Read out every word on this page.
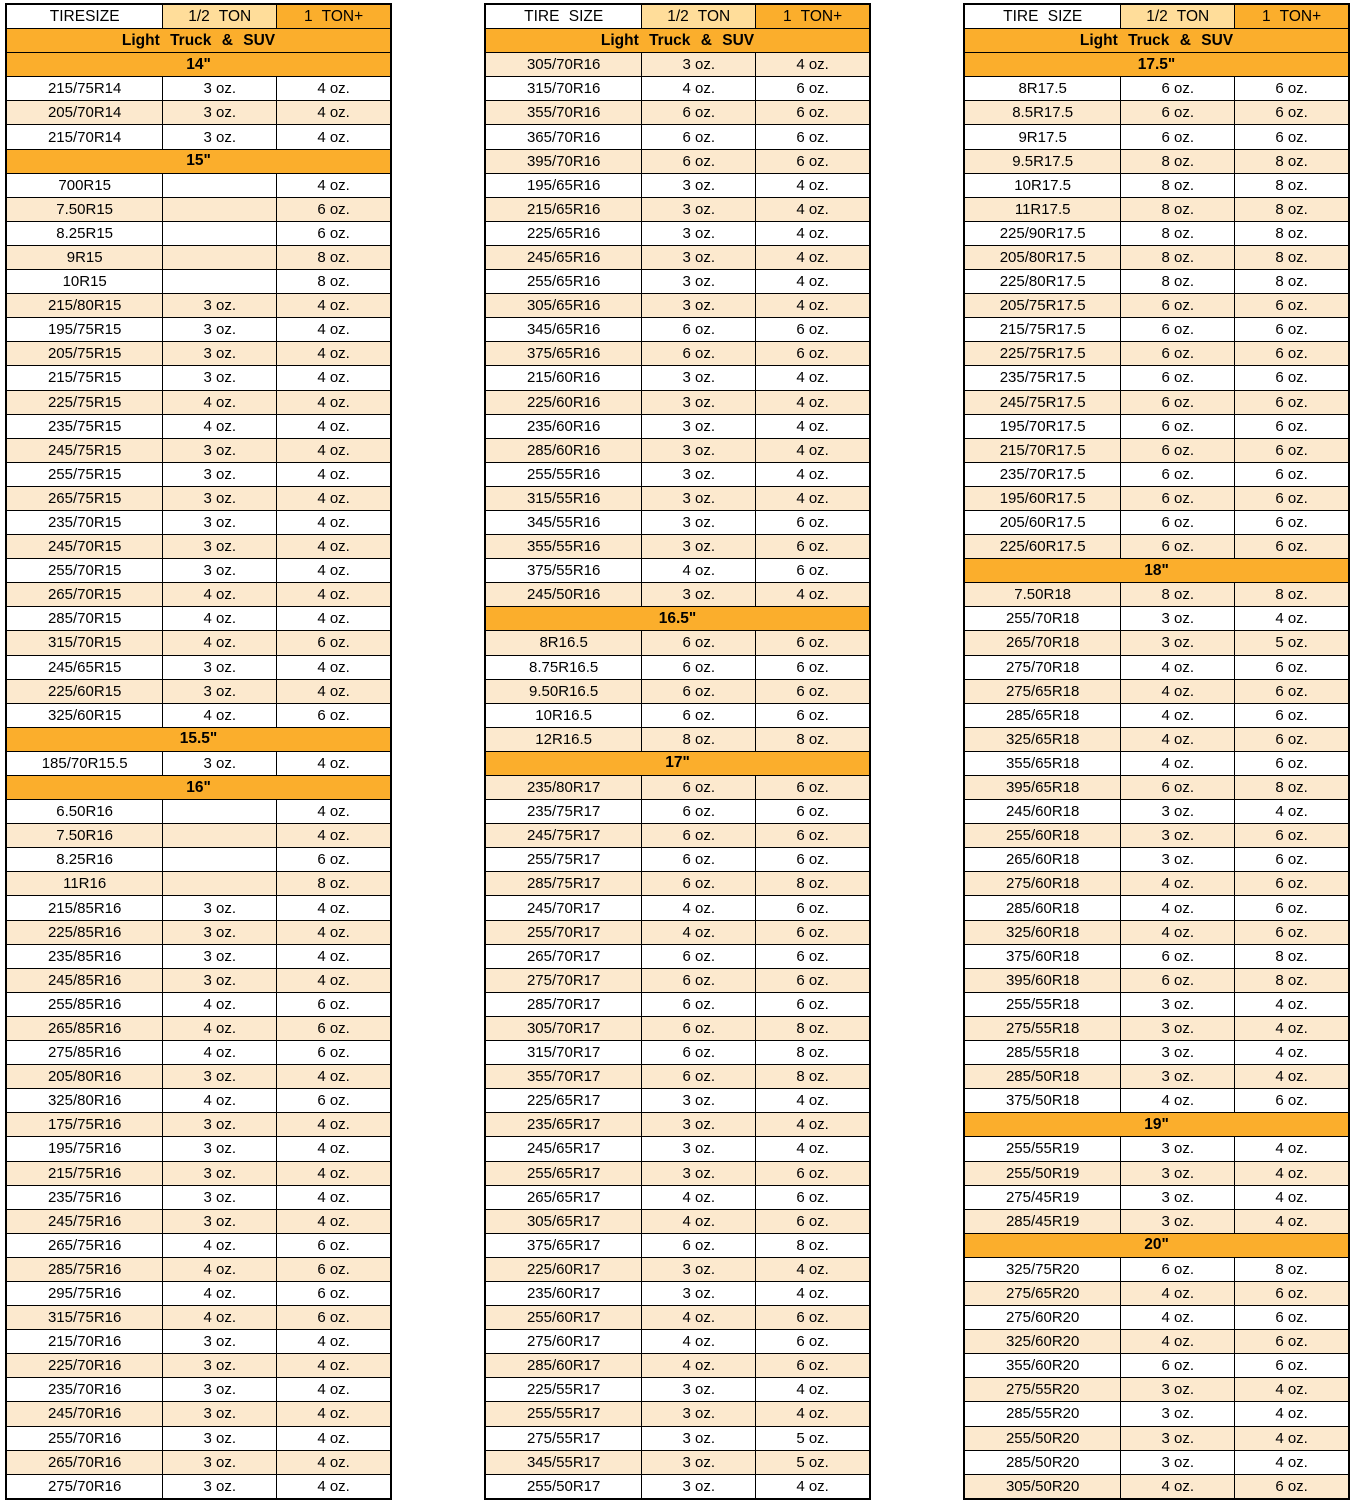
TIRESIZE	1/2 TON	1 TON+
Light Truck & SUV		
14"		
215/75R14	3 oz.	4 oz.
205/70R14	3 oz.	4 oz.
215/70R14	3 oz.	4 oz.
15"		
700R15		4 oz.
7.50R15		6 oz.
8.25R15		6 oz.
9R15		8 oz.
10R15		8 oz.
215/80R15	3 oz.	4 oz.
195/75R15	3 oz.	4 oz.
205/75R15	3 oz.	4 oz.
215/75R15	3 oz.	4 oz.
225/75R15	4 oz.	4 oz.
235/75R15	4 oz.	4 oz.
245/75R15	3 oz.	4 oz.
255/75R15	3 oz.	4 oz.
265/75R15	3 oz.	4 oz.
235/70R15	3 oz.	4 oz.
245/70R15	3 oz.	4 oz.
255/70R15	3 oz.	4 oz.
265/70R15	4 oz.	4 oz.
285/70R15	4 oz.	4 oz.
315/70R15	4 oz.	6 oz.
245/65R15	3 oz.	4 oz.
225/60R15	3 oz.	4 oz.
325/60R15	4 oz.	6 oz.
15.5"		
185/70R15.5	3 oz.	4 oz.
16"		
6.50R16		4 oz.
7.50R16		4 oz.
8.25R16		6 oz.
11R16		8 oz.
215/85R16	3 oz.	4 oz.
225/85R16	3 oz.	4 oz.
235/85R16	3 oz.	4 oz.
245/85R16	3 oz.	4 oz.
255/85R16	4 oz.	6 oz.
265/85R16	4 oz.	6 oz.
275/85R16	4 oz.	6 oz.
205/80R16	3 oz.	4 oz.
325/80R16	4 oz.	6 oz.
175/75R16	3 oz.	4 oz.
195/75R16	3 oz.	4 oz.
215/75R16	3 oz.	4 oz.
235/75R16	3 oz.	4 oz.
245/75R16	3 oz.	4 oz.
265/75R16	4 oz.	6 oz.
285/75R16	4 oz.	6 oz.
295/75R16	4 oz.	6 oz.
315/75R16	4 oz.	6 oz.
215/70R16	3 oz.	4 oz.
225/70R16	3 oz.	4 oz.
235/70R16	3 oz.	4 oz.
245/70R16	3 oz.	4 oz.
255/70R16	3 oz.	4 oz.
265/70R16	3 oz.	4 oz.
275/70R16	3 oz.	4 oz.
TIRE SIZE	1/2 TON	1 TON+
Light Truck & SUV		
305/70R16	3 oz.	4 oz.
315/70R16	4 oz.	6 oz.
355/70R16	6 oz.	6 oz.
365/70R16	6 oz.	6 oz.
395/70R16	6 oz.	6 oz.
195/65R16	3 oz.	4 oz.
215/65R16	3 oz.	4 oz.
225/65R16	3 oz.	4 oz.
245/65R16	3 oz.	4 oz.
255/65R16	3 oz.	4 oz.
305/65R16	3 oz.	4 oz.
345/65R16	6 oz.	6 oz.
375/65R16	6 oz.	6 oz.
215/60R16	3 oz.	4 oz.
225/60R16	3 oz.	4 oz.
235/60R16	3 oz.	4 oz.
285/60R16	3 oz.	4 oz.
255/55R16	3 oz.	4 oz.
315/55R16	3 oz.	4 oz.
345/55R16	3 oz.	6 oz.
355/55R16	3 oz.	6 oz.
375/55R16	4 oz.	6 oz.
245/50R16	3 oz.	4 oz.
16.5"		
8R16.5	6 oz.	6 oz.
8.75R16.5	6 oz.	6 oz.
9.50R16.5	6 oz.	6 oz.
10R16.5	6 oz.	6 oz.
12R16.5	8 oz.	8 oz.
17"		
235/80R17	6 oz.	6 oz.
235/75R17	6 oz.	6 oz.
245/75R17	6 oz.	6 oz.
255/75R17	6 oz.	6 oz.
285/75R17	6 oz.	8 oz.
245/70R17	4 oz.	6 oz.
255/70R17	4 oz.	6 oz.
265/70R17	6 oz.	6 oz.
275/70R17	6 oz.	6 oz.
285/70R17	6 oz.	6 oz.
305/70R17	6 oz.	8 oz.
315/70R17	6 oz.	8 oz.
355/70R17	6 oz.	8 oz.
225/65R17	3 oz.	4 oz.
235/65R17	3 oz.	4 oz.
245/65R17	3 oz.	4 oz.
255/65R17	3 oz.	6 oz.
265/65R17	4 oz.	6 oz.
305/65R17	4 oz.	6 oz.
375/65R17	6 oz.	8 oz.
225/60R17	3 oz.	4 oz.
235/60R17	3 oz.	4 oz.
255/60R17	4 oz.	6 oz.
275/60R17	4 oz.	6 oz.
285/60R17	4 oz.	6 oz.
225/55R17	3 oz.	4 oz.
255/55R17	3 oz.	4 oz.
275/55R17	3 oz.	5 oz.
345/55R17	3 oz.	5 oz.
255/50R17	3 oz.	4 oz.
TIRE SIZE	1/2 TON	1 TON+
Light Truck & SUV		
17.5"		
8R17.5	6 oz.	6 oz.
8.5R17.5	6 oz.	6 oz.
9R17.5	6 oz.	6 oz.
9.5R17.5	8 oz.	8 oz.
10R17.5	8 oz.	8 oz.
11R17.5	8 oz.	8 oz.
225/90R17.5	8 oz.	8 oz.
205/80R17.5	8 oz.	8 oz.
225/80R17.5	8 oz.	8 oz.
205/75R17.5	6 oz.	6 oz.
215/75R17.5	6 oz.	6 oz.
225/75R17.5	6 oz.	6 oz.
235/75R17.5	6 oz.	6 oz.
245/75R17.5	6 oz.	6 oz.
195/70R17.5	6 oz.	6 oz.
215/70R17.5	6 oz.	6 oz.
235/70R17.5	6 oz.	6 oz.
195/60R17.5	6 oz.	6 oz.
205/60R17.5	6 oz.	6 oz.
225/60R17.5	6 oz.	6 oz.
18"		
7.50R18	8 oz.	8 oz.
255/70R18	3 oz.	4 oz.
265/70R18	3 oz.	5 oz.
275/70R18	4 oz.	6 oz.
275/65R18	4 oz.	6 oz.
285/65R18	4 oz.	6 oz.
325/65R18	4 oz.	6 oz.
355/65R18	4 oz.	6 oz.
395/65R18	6 oz.	8 oz.
245/60R18	3 oz.	4 oz.
255/60R18	3 oz.	6 oz.
265/60R18	3 oz.	6 oz.
275/60R18	4 oz.	6 oz.
285/60R18	4 oz.	6 oz.
325/60R18	4 oz.	6 oz.
375/60R18	6 oz.	8 oz.
395/60R18	6 oz.	8 oz.
255/55R18	3 oz.	4 oz.
275/55R18	3 oz.	4 oz.
285/55R18	3 oz.	4 oz.
285/50R18	3 oz.	4 oz.
375/50R18	4 oz.	6 oz.
19"		
255/55R19	3 oz.	4 oz.
255/50R19	3 oz.	4 oz.
275/45R19	3 oz.	4 oz.
285/45R19	3 oz.	4 oz.
20"		
325/75R20	6 oz.	8 oz.
275/65R20	4 oz.	6 oz.
275/60R20	4 oz.	6 oz.
325/60R20	4 oz.	6 oz.
355/60R20	6 oz.	6 oz.
275/55R20	3 oz.	4 oz.
285/55R20	3 oz.	4 oz.
255/50R20	3 oz.	4 oz.
285/50R20	3 oz.	4 oz.
305/50R20	4 oz.	6 oz.
